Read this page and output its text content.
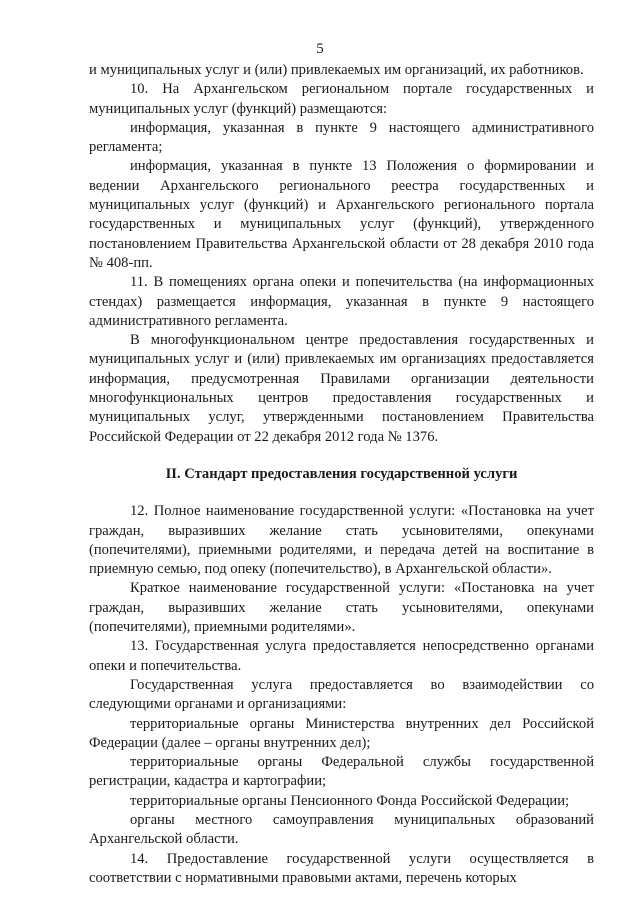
5

и муниципальных услуг и (или) привлекаемых им организаций, их работников.

10. На Архангельском региональном портале государственных и муниципальных услуг (функций) размещаются:

информация, указанная в пункте 9 настоящего административного регламента;

информация, указанная в пункте 13 Положения о формировании и ведении Архангельского регионального реестра государственных и муниципальных услуг (функций) и Архангельского регионального портала государственных и муниципальных услуг (функций), утвержденного постановлением Правительства Архангельской области от 28 декабря 2010 года № 408-пп.

11. В помещениях органа опеки и попечительства (на информационных стендах) размещается информация, указанная в пункте 9 настоящего административного регламента.

В многофункциональном центре предоставления государственных и муниципальных услуг и (или) привлекаемых им организациях предоставляется информация, предусмотренная Правилами организации деятельности многофункциональных центров предоставления государственных и муниципальных услуг, утвержденными постановлением Правительства Российской Федерации от 22 декабря 2012 года № 1376.

II. Стандарт предоставления государственной услуги

12. Полное наименование государственной услуги: «Постановка на учет граждан, выразивших желание стать усыновителями, опекунами (попечителями), приемными родителями, и передача детей на воспитание в приемную семью, под опеку (попечительство), в Архангельской области».

Краткое наименование государственной услуги: «Постановка на учет граждан, выразивших желание стать усыновителями, опекунами (попечителями), приемными родителями».

13. Государственная услуга предоставляется непосредственно органами опеки и попечительства.

Государственная услуга предоставляется во взаимодействии со следующими органами и организациями:

территориальные органы Министерства внутренних дел Российской Федерации (далее – органы внутренних дел);

территориальные органы Федеральной службы государственной регистрации, кадастра и картографии;

территориальные органы Пенсионного Фонда Российской Федерации;

органы местного самоуправления муниципальных образований Архангельской области.

14. Предоставление государственной услуги осуществляется в соответствии с нормативными правовыми актами, перечень которых
